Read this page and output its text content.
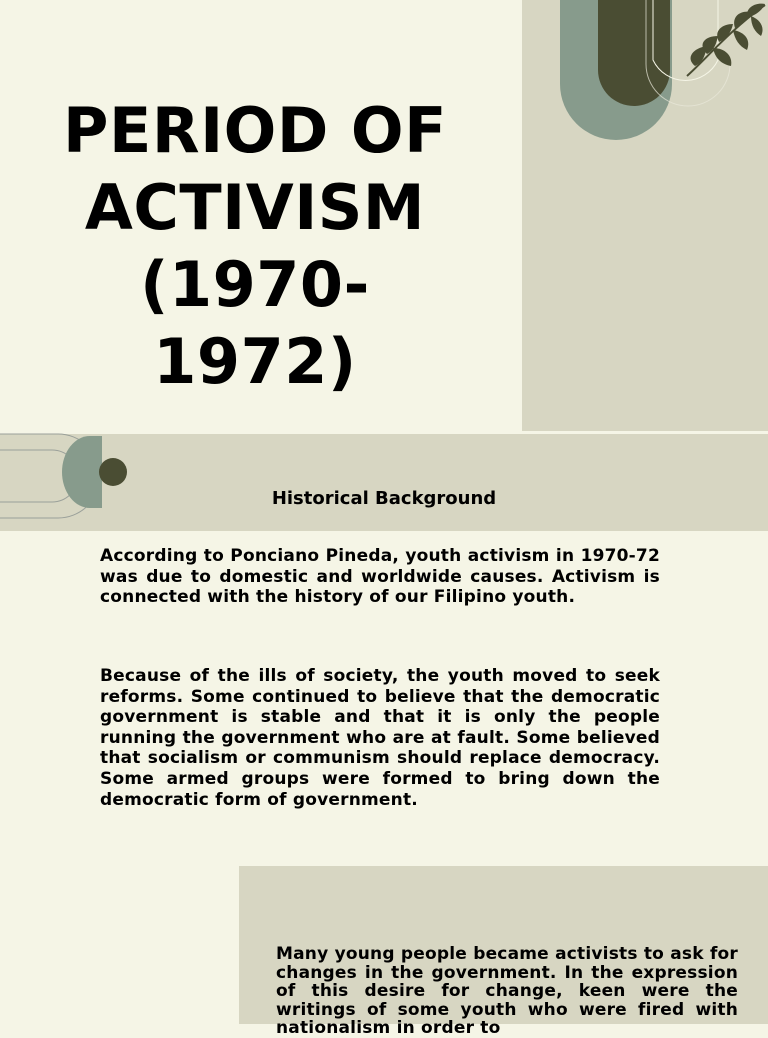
PERIOD OF
ACTIVISM
(1970-
1972)
Historical Background
According to Ponciano Pineda, youth activism in 1970-72 was due to domestic and worldwide causes. Activism is connected with the history of our Filipino youth.
Because of the ills of society, the youth moved to seek reforms. Some continued to believe that the democratic government is stable and that it is only the people running the government who are at fault. Some believed that socialism or communism should replace democracy. Some armed groups were formed to bring down the democratic form of government.
Many young people became activists to ask for changes in the government. In the expression of this desire for change, keen were the writings of some youth who were fired with nationalism in order to
